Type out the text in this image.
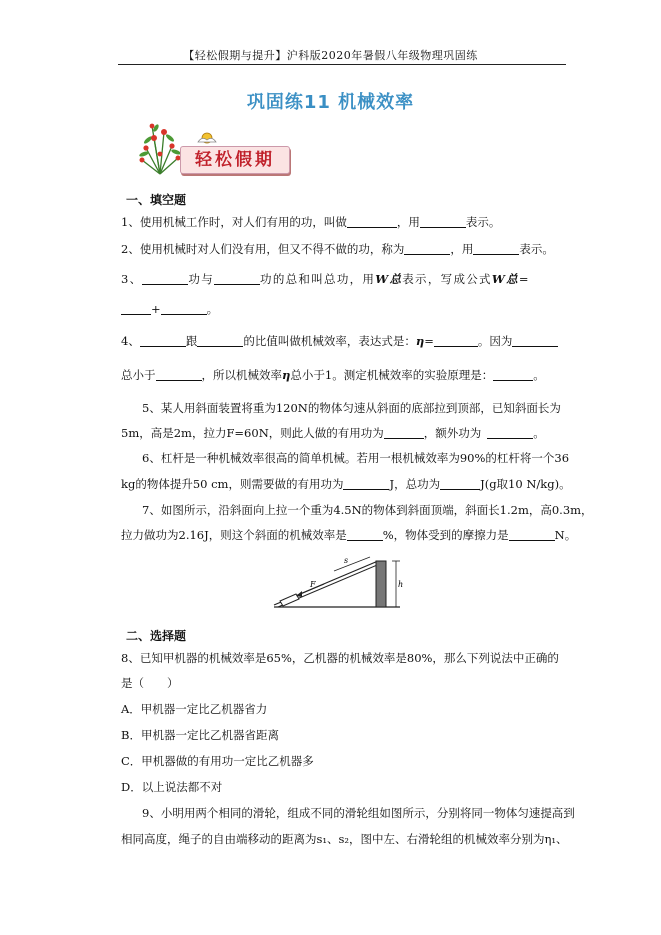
【轻松假期与提升】沪科版2020年暑假八年级物理巩固练
巩固练11 机械效率
轻松假期
一、填空题
1、使用机械工作时，对人们有用的功，叫做	，用	表示。
2、使用机械时对人们没有用，但又不得不做的功，称为	，用	表示。
3、	功与	功的总和叫总功，用W总表示，写成公式W总=
+	。
4、	跟	的比值叫做机械效率，表达式是：η=	。因为
总小于	，所以机械效率η总小于1。测定机械效率的实验原理是：	。
5、某人用斜面装置将重为120N的物体匀速从斜面的底部拉到顶部，已知斜面长为
5m，高是2m，拉力F=60N，则此人做的有用功为	，额外功为	。
6、杠杆是一种机械效率很高的简单机械。若用一根机械效率为90%的杠杆将一个36
kg的物体提升50 cm，则需要做的有用功为	J，总功为	J(g取10 N/kg)。
7、如图所示，沿斜面向上拉一个重为4.5N的物体到斜面顶端，斜面长1.2m，高0.3m，
拉力做功为2.16J，则这个斜面的机械效率是	%，物体受到的摩擦力是	N。
F
s
h
二、选择题
8、已知甲机器的机械效率是65%，乙机器的机械效率是80%，那么下列说法中正确的
是（　　）
A．甲机器一定比乙机器省力
B．甲机器一定比乙机器省距离
C．甲机器做的有用功一定比乙机器多
D．以上说法都不对
9、小明用两个相同的滑轮，组成不同的滑轮组如图所示，分别将同一物体匀速提高到
相同高度，绳子的自由端移动的距离为s₁、s₂，图中左、右滑轮组的机械效率分别为η₁、
